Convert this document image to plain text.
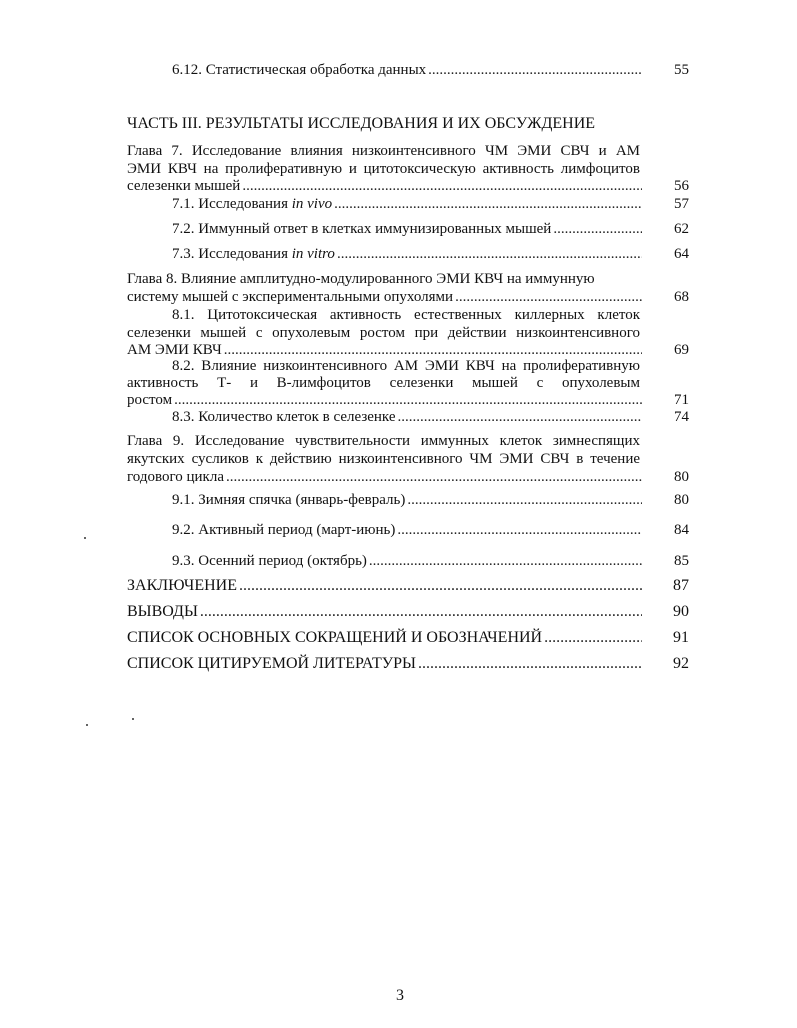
6.12. Статистическая обработка данных .....	55
ЧАСТЬ III. РЕЗУЛЬТАТЫ ИССЛЕДОВАНИЯ И ИХ ОБСУЖДЕНИЕ
Глава 7. Исследование влияния низкоинтенсивного ЧМ ЭМИ СВЧ и АМ
ЭМИ КВЧ на пролиферативную и цитотоксическую активность лимфоцитов
селезенки мышей .....	56
7.1. Исследования in vivo .....	57
7.2. Иммунный ответ в клетках иммунизированных мышей .....	62
7.3. Исследования in vitro .....	64
Глава 8. Влияние амплитудно-модулированного ЭМИ КВЧ на иммунную
систему мышей с экспериментальными опухолями .....	68
8.1. Цитотоксическая активность естественных киллерных клеток
селезенки мышей с опухолевым ростом при действии низкоинтенсивного
АМ ЭМИ КВЧ .....	69
8.2. Влияние низкоинтенсивного АМ ЭМИ КВЧ на пролиферативную
активность Т- и В-лимфоцитов селезенки мышей с опухолевым
ростом .....	71
8.3. Количество клеток в селезенке .....	74
Глава 9. Исследование чувствительности иммунных клеток зимнеспящих
якутских сусликов к действию низкоинтенсивного ЧМ ЭМИ СВЧ в течение
годового цикла .....	80
9.1. Зимняя спячка (январь-февраль) .....	80
9.2. Активный период (март-июнь) .....	84
9.3. Осенний период (октябрь) .....	85
ЗАКЛЮЧЕНИЕ .....	87
ВЫВОДЫ .....	90
СПИСОК ОСНОВНЫХ СОКРАЩЕНИЙ И ОБОЗНАЧЕНИЙ .....	91
СПИСОК ЦИТИРУЕМОЙ ЛИТЕРАТУРЫ .....	92
3
